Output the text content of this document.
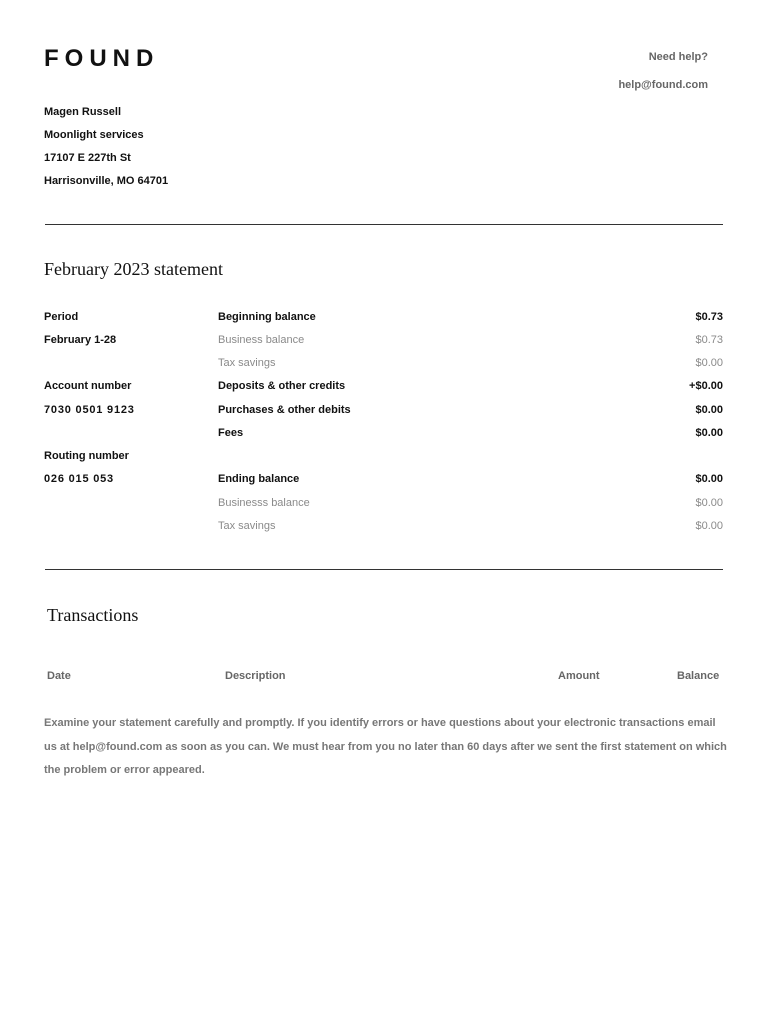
FOUND	Need help?
help@found.com
Magen Russell
Moonlight services
17107 E 227th St
Harrisonville, MO 64701
February 2023 statement
Period
February 1-28
Account number
7030 0501 9123
Routing number
026 015 053
Beginning balance	$0.73
Business balance	$0.73
Tax savings	$0.00
Deposits & other credits	+$0.00
Purchases & other debits	$0.00
Fees	$0.00
Ending balance	$0.00
Businesss balance	$0.00
Tax savings	$0.00
Transactions
Date	Description	Amount	Balance
Examine your statement carefully and promptly. If you identify errors or have questions about your electronic transactions email us at help@found.com as soon as you can. We must hear from you no later than 60 days after we sent the first statement on which the problem or error appeared.
